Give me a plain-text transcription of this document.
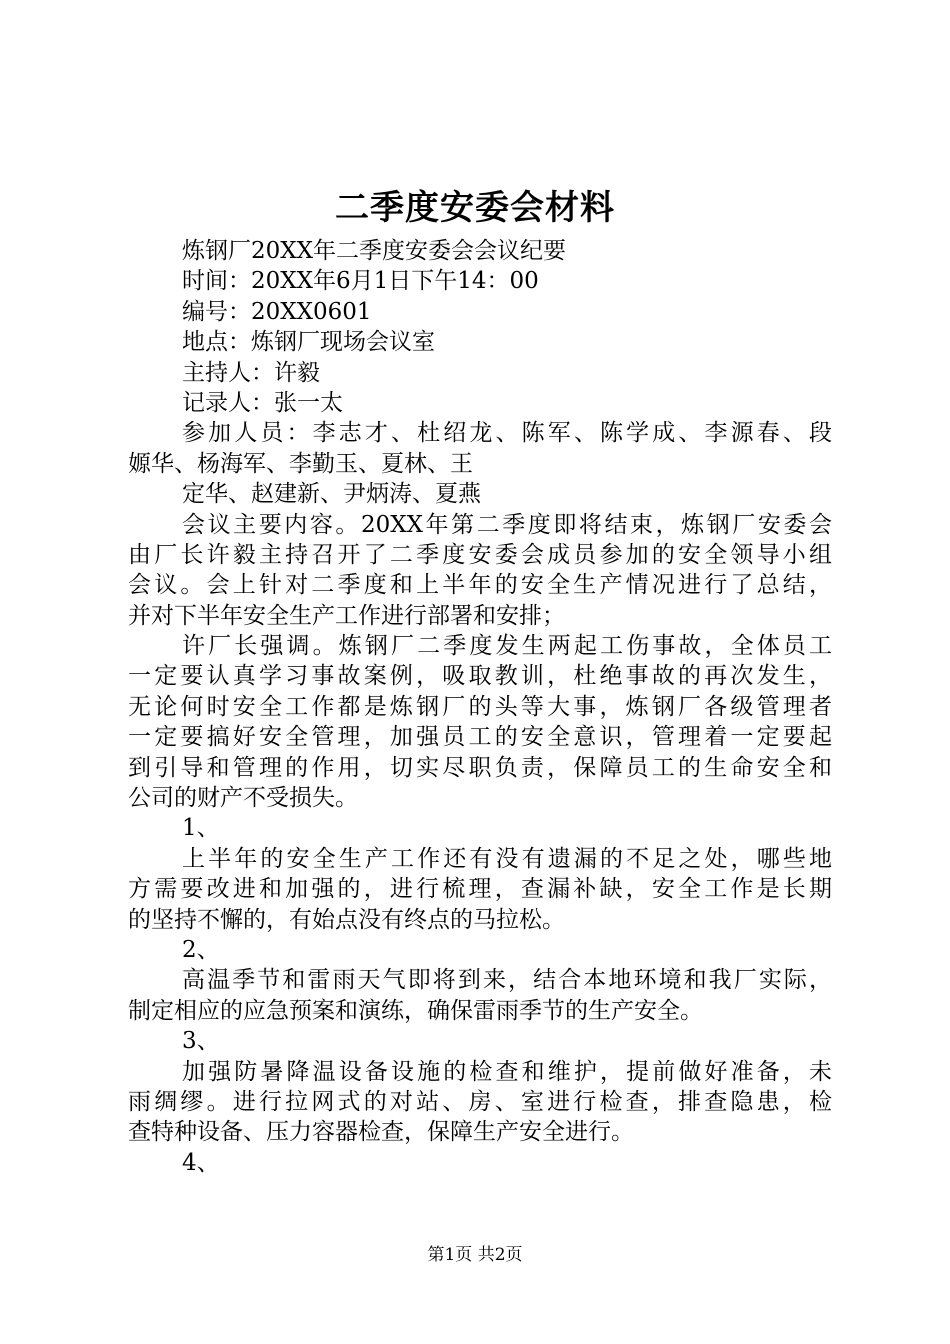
二季度安委会材料

炼钢厂20XX年二季度安委会会议纪要

时间：20XX年6月1日下午14：00

编号：20XX0601

地点：炼钢厂现场会议室

主持人：许毅

记录人：张一太

参加人员：李志才、杜绍龙、陈军、陈学成、李源春、段

嫄华、杨海军、李勤玉、夏林、王

定华、赵建新、尹炳涛、夏燕

会议主要内容。20XX年第二季度即将结束，炼钢厂安委会

由厂长许毅主持召开了二季度安委会成员参加的安全领导小组

会议。会上针对二季度和上半年的安全生产情况进行了总结，

并对下半年安全生产工作进行部署和安排；

许厂长强调。炼钢厂二季度发生两起工伤事故，全体员工

一定要认真学习事故案例，吸取教训，杜绝事故的再次发生，

无论何时安全工作都是炼钢厂的头等大事，炼钢厂各级管理者

一定要搞好安全管理，加强员工的安全意识，管理着一定要起

到引导和管理的作用，切实尽职负责，保障员工的生命安全和

公司的财产不受损失。

1、

上半年的安全生产工作还有没有遗漏的不足之处，哪些地

方需要改进和加强的，进行梳理，查漏补缺，安全工作是长期

的坚持不懈的，有始点没有终点的马拉松。

2、

高温季节和雷雨天气即将到来，结合本地环境和我厂实际，

制定相应的应急预案和演练，确保雷雨季节的生产安全。

3、

加强防暑降温设备设施的检查和维护，提前做好准备，未

雨绸缪。进行拉网式的对站、房、室进行检查，排查隐患，检

查特种设备、压力容器检查，保障生产安全进行。

4、

第1页 共2页
